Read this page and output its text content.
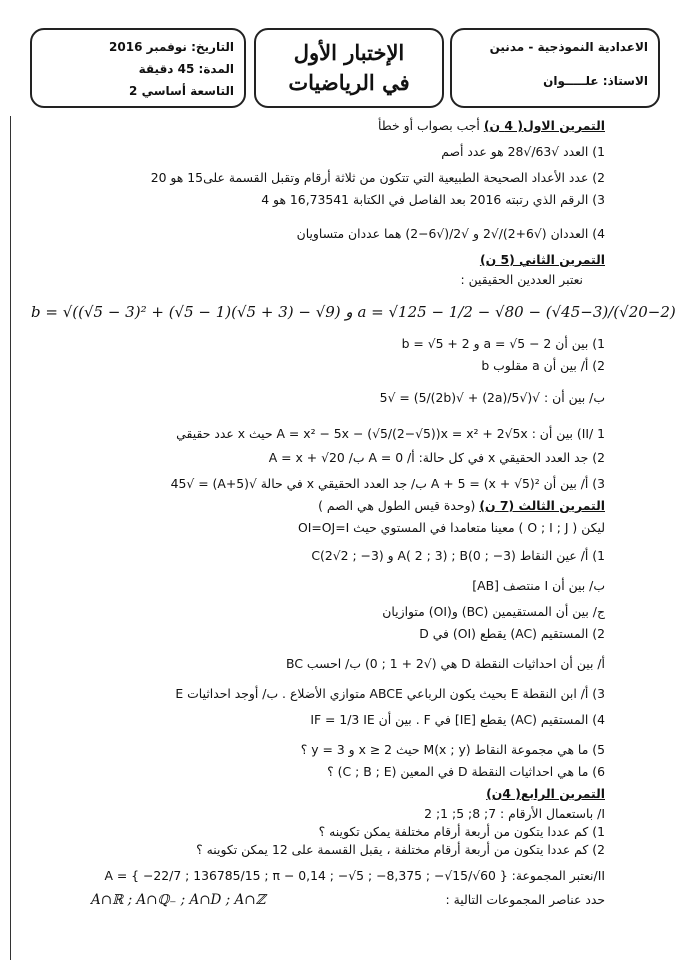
الاعدادية النموذجية - مدنين
الاستاذ: علـــــوان
الإختبار الأول
في الرياضيات
التاريخ: نوفمبر 2016
المدة: 45 دقيقة
التاسعة أساسي 2
التمرين الاول( 4 ن) أجب بصواب أو خطأ
1) العدد √63/√28 هو عدد أصم
2) عدد الأعداد الصحيحة الطبيعية التي تتكون من ثلاثة أرقام وتقبل القسمة على15 هو 20
3) الرقم الذي رتبته 2016 بعد الفاصل في الكتابة 16,73541 هو 4
4) العددان (√6+2)/√2 و √2/(√6−2) هما عددان متساويان
التمرين الثاني (5 ن)
نعتبر العددين الحقيقين :
b = √((√5 − 3)² + (√5 − 1)(√5 + 3) − √9) و a = √125 − 1/2 − √80 − (√45−3)/(√20−2)
1) بين أن a = √5 − 2 و b = √5 + 2
2) أ/ بين أن a مقلوب b
ب/ بين أن : √(√5/(2a) + √5/(2b)) = √5
II/ 1) بين أن : A = x² − 5x − (√5/(2−√5))x = x² + 2√5x حيث x عدد حقيقي
2) جد العدد الحقيقي x في كل حالة: أ/ A = 0 ب/ A = x + √20
3) أ/ بين أن A + 5 = (x + √5)² ب/ جد العدد الحقيقي x في حالة √(A+5) = √45
التمرين الثالث (7 ن) (وحدة قيس الطول هي الصم )
ليكن ( O ; I ; J ) معينا متعامدا في المستوي حيث OI=OJ=I
1) أ/ عين النقاط A( 2 ; 3) ; B(0 ; −3) و C(2√2 ; −3)
ب/ بين أن I منتصف [AB]
ج/ بين أن المستقيمين (BC) و(OI) متوازيان
2) المستقيم (AC) يقطع (OI) في D
أ/ بين أن احداثيات النقطة D هي (√2 + 1 ; 0) ب/ احسب BC
3) أ/ ابن النقطة E بحيث يكون الرباعي ABCE متوازي الأضلاع . ب/ أوجد احداثيات E
4) المستقيم (AC) يقطع [IE] في F . بين أن IF = 1/3 IE
5) ما هي مجموعة النقاط M(x ; y) حيث x ≥ 2 و y = 3 ؟
6) ما هي احداثيات النقطة D في المعين (C ; B ; E) ؟
التمرين الرابع( 4ن)
I/ باستعمال الأرقام : 7; 8; 5; 1; 2
1) كم عددا يتكون من أربعة أرقام مختلفة يمكن تكوينه ؟
2) كم عددا يتكون من أربعة أرقام مختلفة ، يقبل القسمة على 12 يمكن تكوينه ؟
II/نعتبر المجموعة: A = { −22/7 ; 136785/15 ; π − 0,14 ; −√5 ; −8,375 ; −√15/√60 }
حدد عناصر المجموعات التالية :
A∩ℝ ; A∩ℚ₋ ; A∩D ; A∩ℤ
